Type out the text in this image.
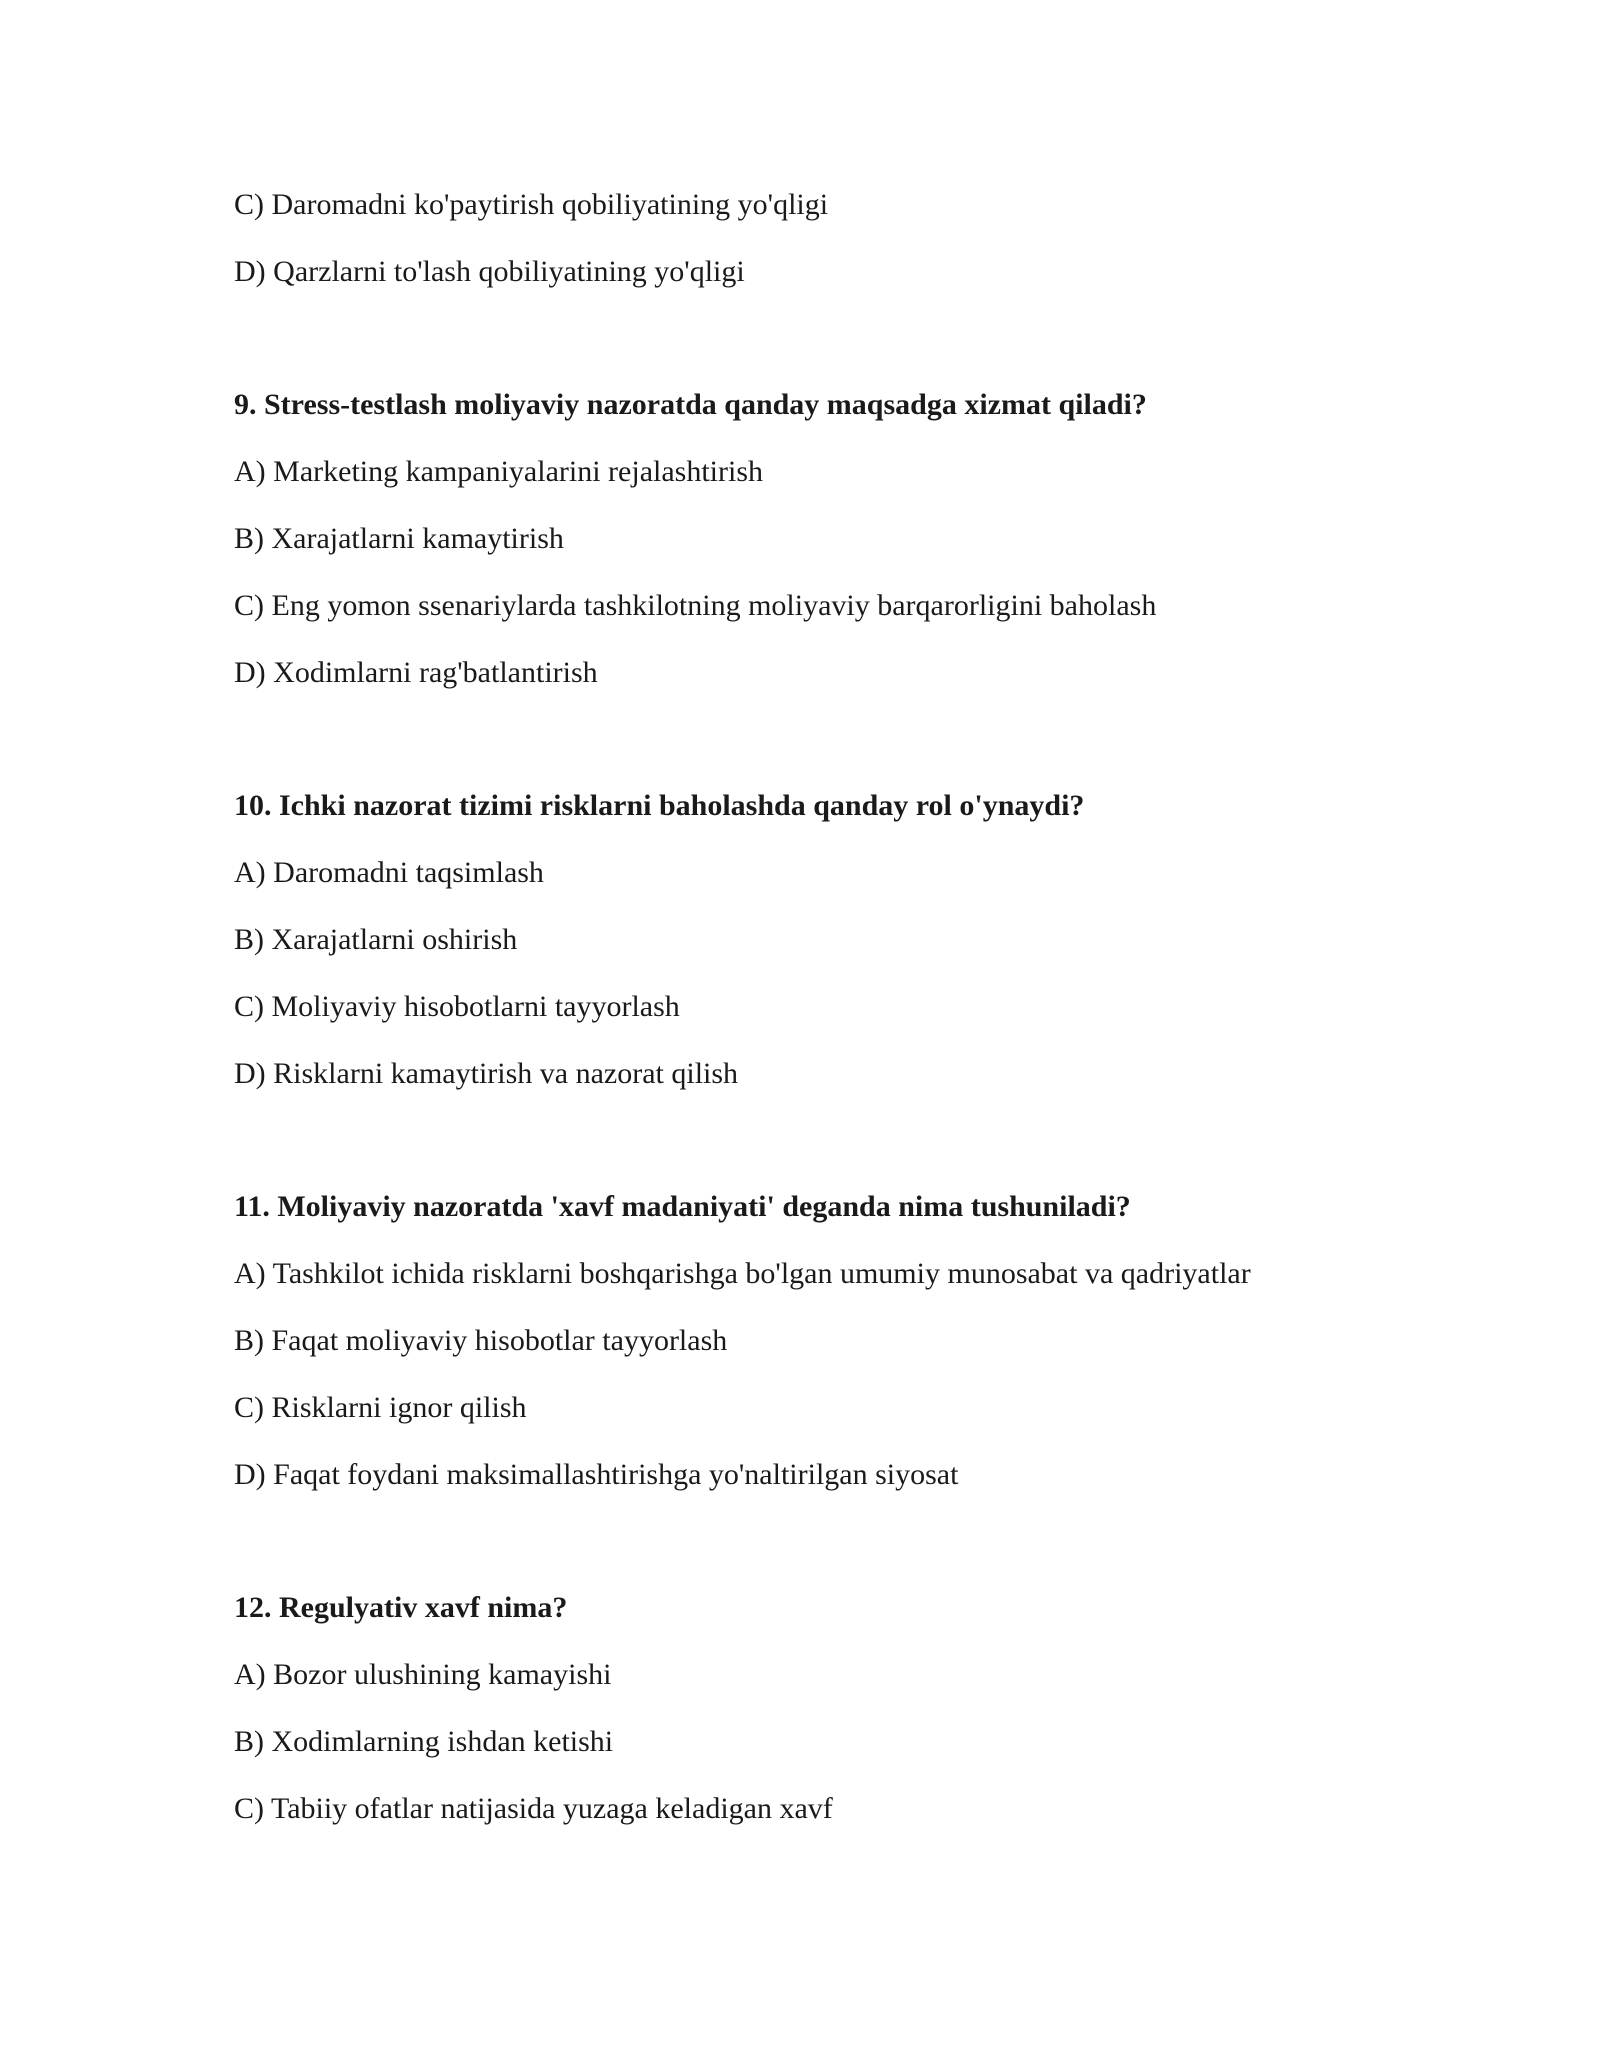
C) Daromadni ko'paytirish qobiliyatining yo'qligi
D) Qarzlarni to'lash qobiliyatining yo'qligi
9. Stress-testlash moliyaviy nazoratda qanday maqsadga xizmat qiladi?
A) Marketing kampaniyalarini rejalashtirish
B) Xarajatlarni kamaytirish
C) Eng yomon ssenariylarda tashkilotning moliyaviy barqarorligini baholash
D) Xodimlarni rag'batlantirish
10. Ichki nazorat tizimi risklarni baholashda qanday rol o'ynaydi?
A) Daromadni taqsimlash
B) Xarajatlarni oshirish
C) Moliyaviy hisobotlarni tayyorlash
D) Risklarni kamaytirish va nazorat qilish
11. Moliyaviy nazoratda 'xavf madaniyati' deganda nima tushuniladi?
A) Tashkilot ichida risklarni boshqarishga bo'lgan umumiy munosabat va qadriyatlar
B) Faqat moliyaviy hisobotlar tayyorlash
C) Risklarni ignor qilish
D) Faqat foydani maksimallashtirishga yo'naltirilgan siyosat
12. Regulyativ xavf nima?
A) Bozor ulushining kamayishi
B) Xodimlarning ishdan ketishi
C) Tabiiy ofatlar natijasida yuzaga keladigan xavf
